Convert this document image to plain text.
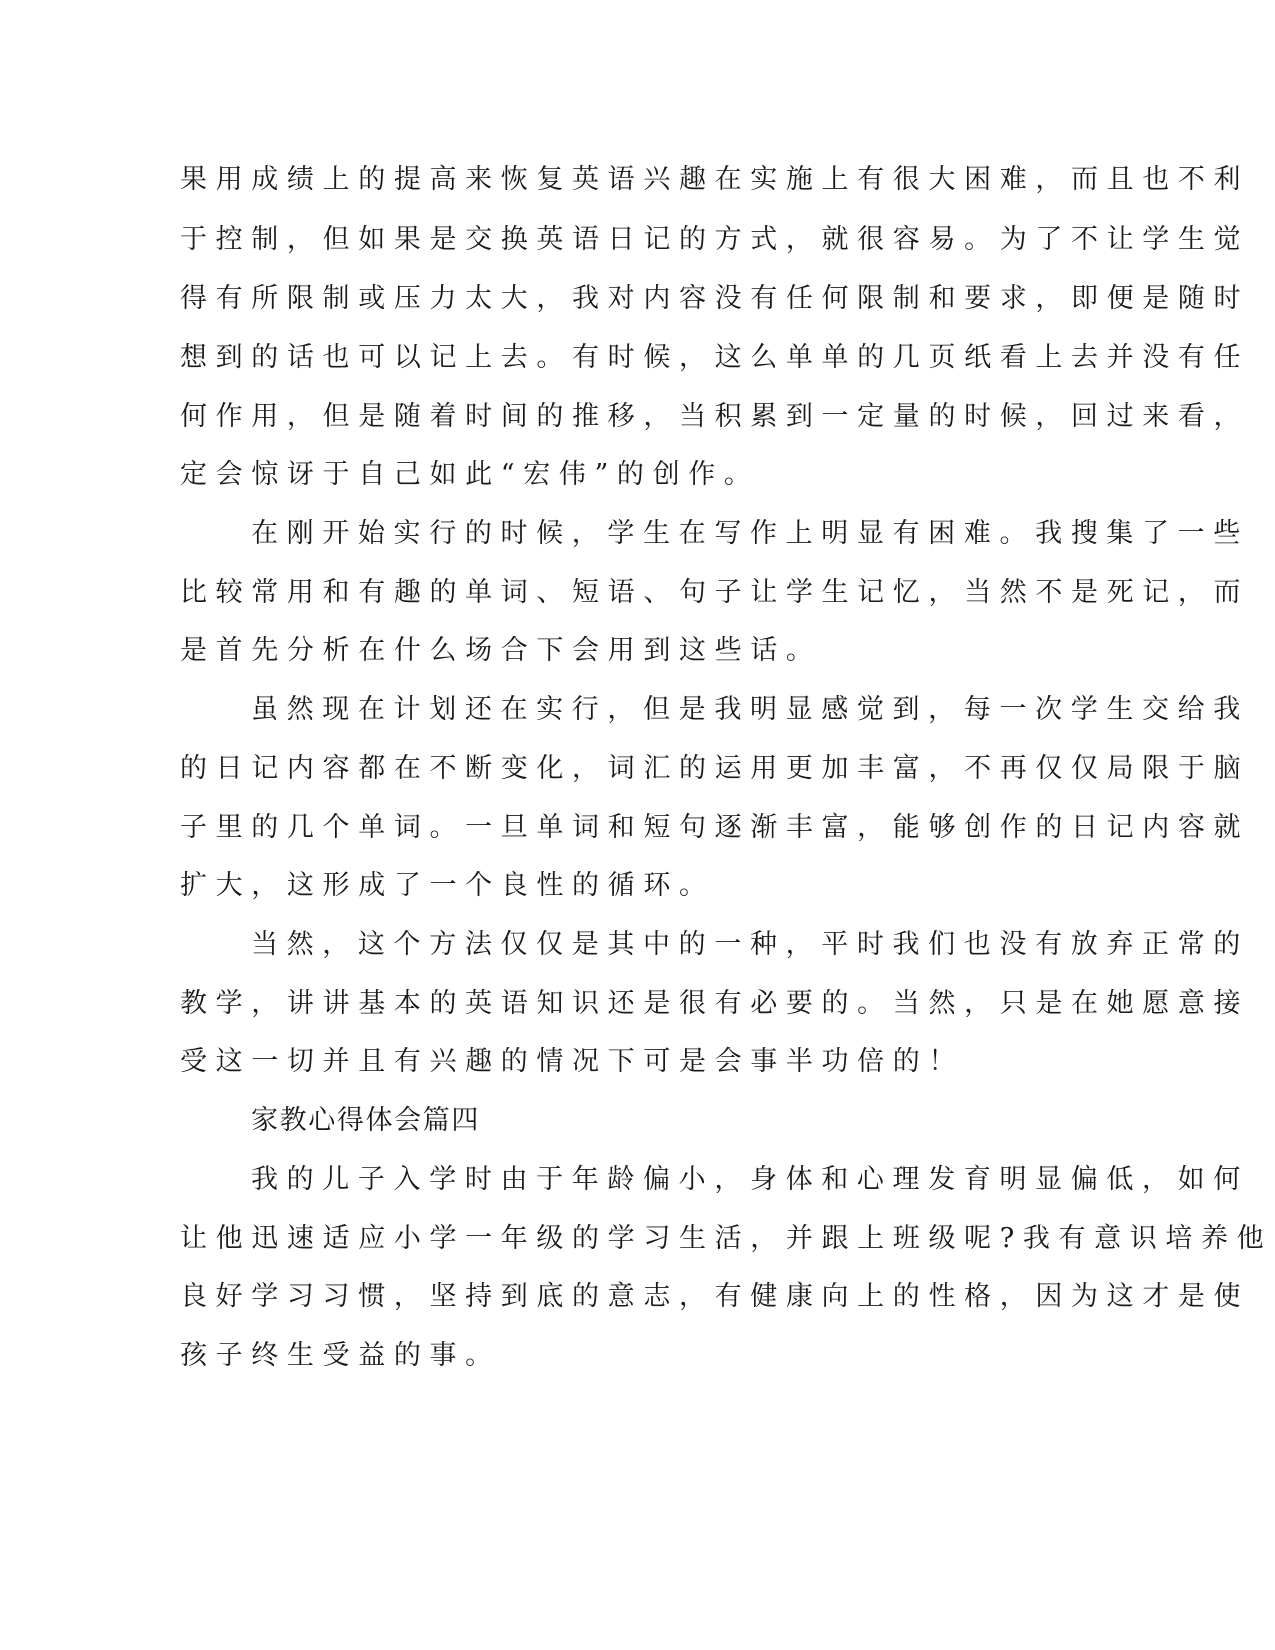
果用成绩上的提高来恢复英语兴趣在实施上有很大困难，而且也不利

于控制，但如果是交换英语日记的方式，就很容易。为了不让学生觉

得有所限制或压力太大，我对内容没有任何限制和要求，即便是随时

想到的话也可以记上去。有时候，这么单单的几页纸看上去并没有任

何作用，但是随着时间的推移，当积累到一定量的时候，回过来看，

定会惊讶于自己如此“宏伟”的创作。

在刚开始实行的时候，学生在写作上明显有困难。我搜集了一些

比较常用和有趣的单词、短语、句子让学生记忆，当然不是死记，而

是首先分析在什么场合下会用到这些话。

虽然现在计划还在实行，但是我明显感觉到，每一次学生交给我

的日记内容都在不断变化，词汇的运用更加丰富，不再仅仅局限于脑

子里的几个单词。一旦单词和短句逐渐丰富，能够创作的日记内容就

扩大，这形成了一个良性的循环。

当然，这个方法仅仅是其中的一种，平时我们也没有放弃正常的

教学，讲讲基本的英语知识还是很有必要的。当然，只是在她愿意接

受这一切并且有兴趣的情况下可是会事半功倍的！

家教心得体会篇四

我的儿子入学时由于年龄偏小，身体和心理发育明显偏低，如何

让他迅速适应小学一年级的学习生活，并跟上班级呢?我有意识培养他

良好学习习惯，坚持到底的意志，有健康向上的性格，因为这才是使

孩子终生受益的事。
